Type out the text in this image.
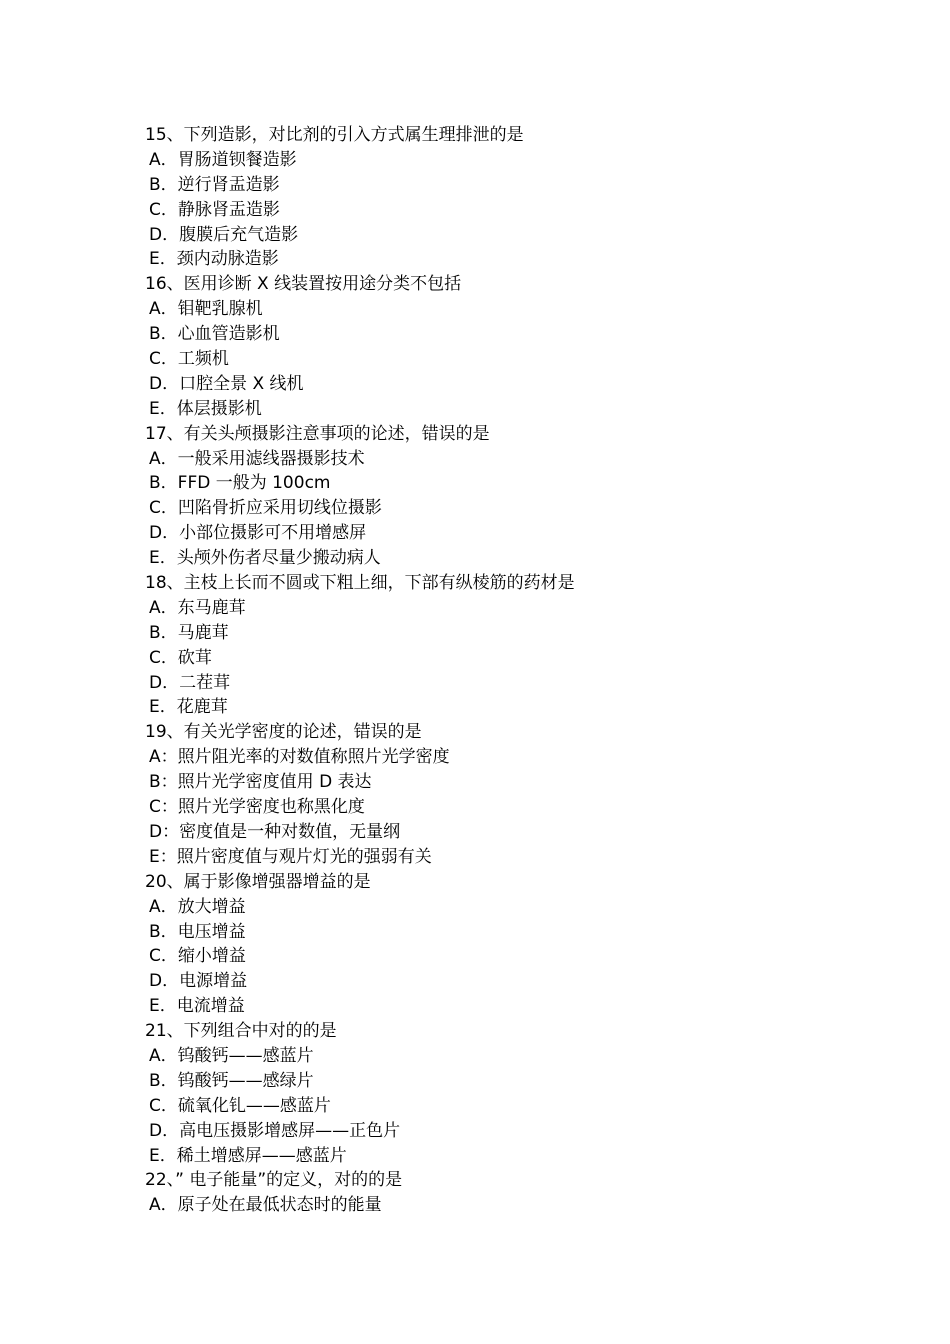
15、下列造影，对比剂的引入方式属生理排泄的是
A．胃肠道钡餐造影
B．逆行肾盂造影
C．静脉肾盂造影
D．腹膜后充气造影
E．颈内动脉造影
16、医用诊断 X 线装置按用途分类不包括
A．钼靶乳腺机
B．心血管造影机
C．工频机
D．口腔全景 X 线机
E．体层摄影机
17、有关头颅摄影注意事项的论述，错误的是
A．一般采用滤线器摄影技术
B．FFD 一般为 100cm
C．凹陷骨折应采用切线位摄影
D．小部位摄影可不用增感屏
E．头颅外伤者尽量少搬动病人
18、主枝上长而不圆或下粗上细，下部有纵棱筋的药材是
A．东马鹿茸
B．马鹿茸
C．砍茸
D．二茬茸
E．花鹿茸
19、有关光学密度的论述，错误的是
A：照片阻光率的对数值称照片光学密度
B：照片光学密度值用 D 表达
C：照片光学密度也称黑化度
D：密度值是一种对数值，无量纲
E：照片密度值与观片灯光的强弱有关
20、属于影像增强器增益的是
A．放大增益
B．电压增益
C．缩小增益
D．电源增益
E．电流增益
21、下列组合中对的的是
A．钨酸钙——感蓝片
B．钨酸钙——感绿片
C．硫氧化钆——感蓝片
D．高电压摄影增感屏——正色片
E．稀土增感屏——感蓝片
22、” 电子能量”的定义，对的的是
A．原子处在最低状态时的能量
